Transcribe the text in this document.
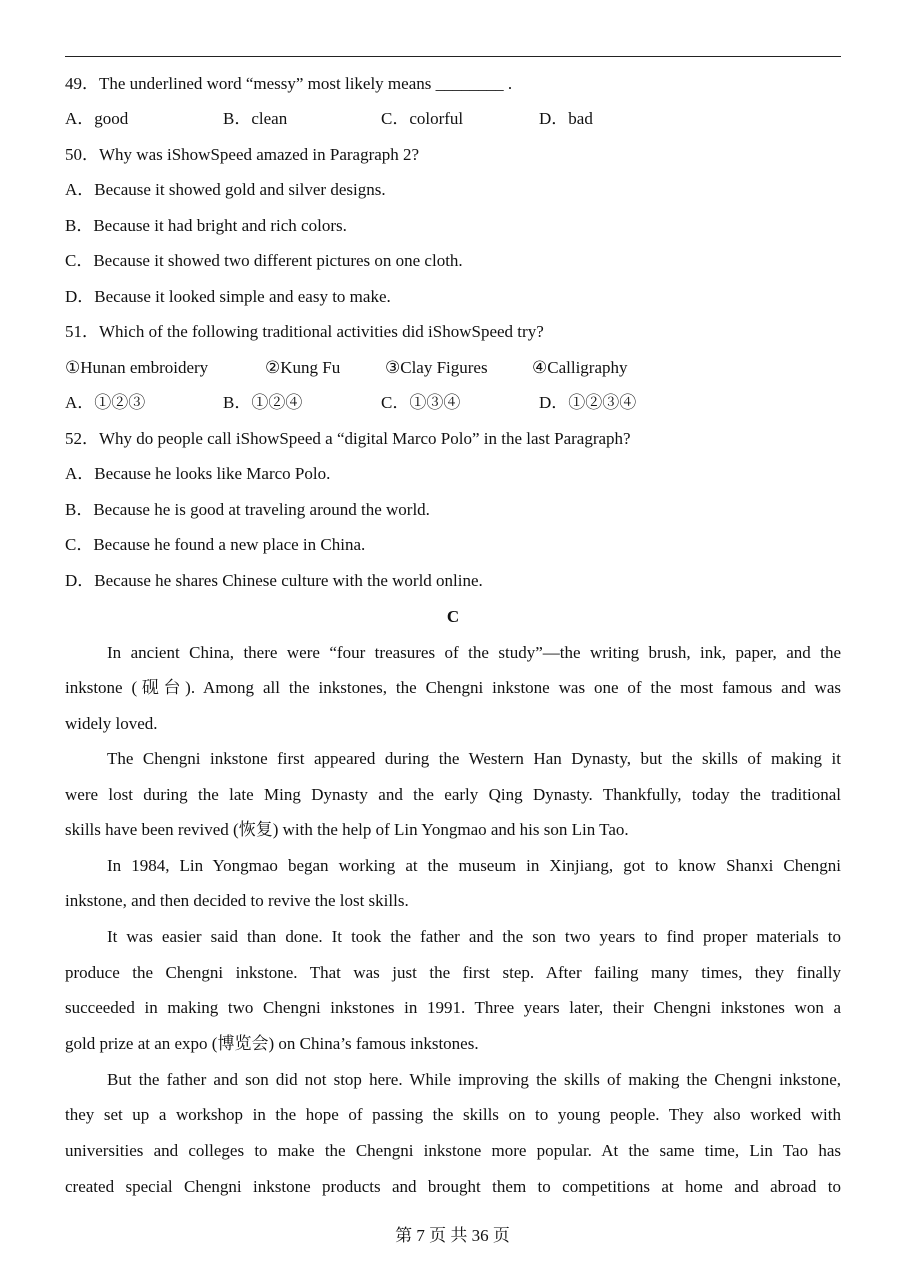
49．The underlined word “messy” most likely means ________ .
A．good	B．clean	C．colorful	D．bad
50．Why was iShowSpeed amazed in Paragraph 2?
A．Because it showed gold and silver designs.
B．Because it had bright and rich colors.
C．Because it showed two different pictures on one cloth.
D．Because it looked simple and easy to make.
51．Which of the following traditional activities did iShowSpeed try?
①Hunan embroidery	②Kung Fu	③Clay Figures	④Calligraphy
A．①②③	B．①②④	C．①③④	D．①②③④
52．Why do people call iShowSpeed a “digital Marco Polo” in the last Paragraph?
A．Because he looks like Marco Polo.
B．Because he is good at traveling around the world.
C．Because he found a new place in China.
D．Because he shares Chinese culture with the world online.
C
In ancient China, there were “four treasures of the study”—the writing brush, ink, paper, and the
inkstone (砚台). Among all the inkstones, the Chengni inkstone was one of the most famous and was
widely loved.
The Chengni inkstone first appeared during the Western Han Dynasty, but the skills of making it
were lost during the late Ming Dynasty and the early Qing Dynasty. Thankfully, today the traditional
skills have been revived (恢复) with the help of Lin Yongmao and his son Lin Tao.
In 1984, Lin Yongmao began working at the museum in Xinjiang, got to know Shanxi Chengni
inkstone, and then decided to revive the lost skills.
It was easier said than done. It took the father and the son two years to find proper materials to
produce the Chengni inkstone. That was just the first step. After failing many times, they finally
succeeded in making two Chengni inkstones in 1991. Three years later, their Chengni inkstones won a
gold prize at an expo (博览会) on China’s famous inkstones.
But the father and son did not stop here. While improving the skills of making the Chengni inkstone,
they set up a workshop in the hope of passing the skills on to young people. They also worked with
universities and colleges to make the Chengni inkstone more popular. At the same time, Lin Tao has
created special Chengni inkstone products and brought them to competitions at home and abroad to
第 7 页 共 36 页
